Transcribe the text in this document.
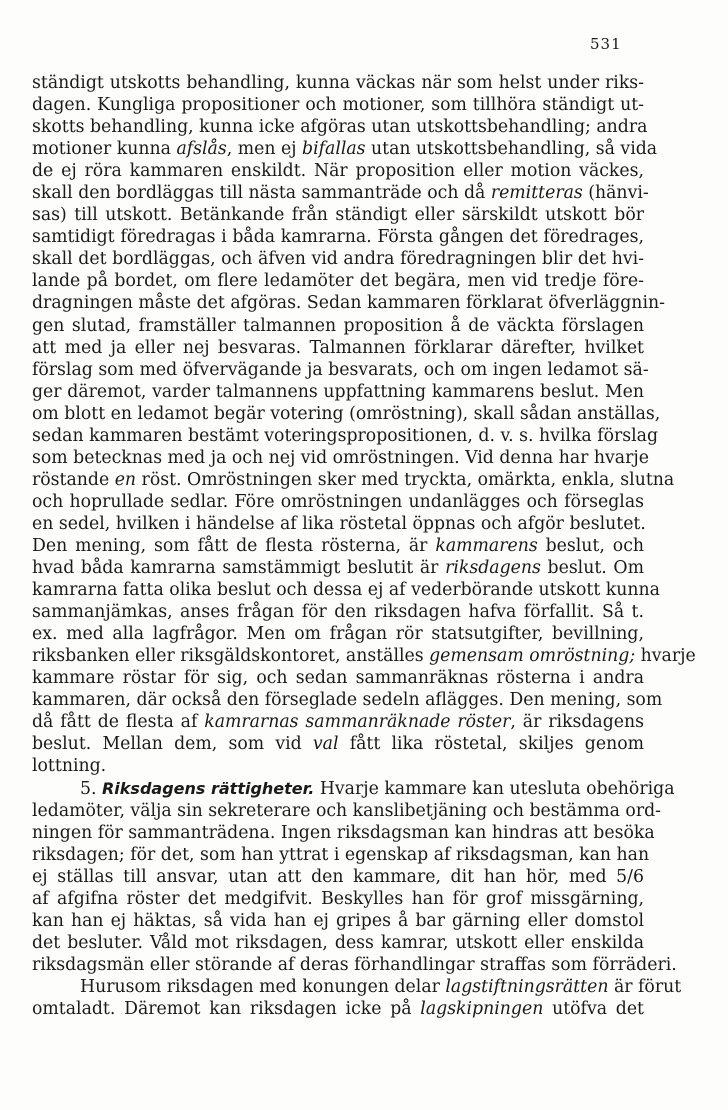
531

ständigt utskotts behandling, kunna väckas när som helst under riks-
dagen. Kungliga propositioner och motioner, som tillhöra ständigt ut-
skotts behandling, kunna icke afgöras utan utskottsbehandling; andra
motioner kunna afslås, men ej bifallas utan utskottsbehandling, så vida
de ej röra kammaren enskildt. När proposition eller motion väckes,
skall den bordläggas till nästa sammanträde och då remitteras (hänvi-
sas) till utskott. Betänkande från ständigt eller särskildt utskott bör
samtidigt föredragas i båda kamrarna. Första gången det föredrages,
skall det bordläggas, och äfven vid andra föredragningen blir det hvi-
lande på bordet, om flere ledamöter det begära, men vid tredje före-
dragningen måste det afgöras. Sedan kammaren förklarat öfverläggnin-
gen slutad, framställer talmannen proposition å de väckta förslagen
att med ja eller nej besvaras. Talmannen förklarar därefter, hvilket
förslag som med öfvervägande ja besvarats, och om ingen ledamot sä-
ger däremot, varder talmannens uppfattning kammarens beslut. Men
om blott en ledamot begär votering (omröstning), skall sådan anställas,
sedan kammaren bestämt voteringspropositionen, d. v. s. hvilka förslag
som betecknas med ja och nej vid omröstningen. Vid denna har hvarje
röstande en röst. Omröstningen sker med tryckta, omärkta, enkla, slutna
och hoprullade sedlar. Före omröstningen undanlägges och förseglas
en sedel, hvilken i händelse af lika röstetal öppnas och afgör beslutet.
Den mening, som fått de flesta rösterna, är kammarens beslut, och
hvad båda kamrarna samstämmigt beslutit är riksdagens beslut. Om
kamrarna fatta olika beslut och dessa ej af vederbörande utskott kunna
sammanjämkas, anses frågan för den riksdagen hafva förfallit. Så t.
ex. med alla lagfrågor. Men om frågan rör statsutgifter, bevillning,
riksbanken eller riksgäldskontoret, anställes gemensam omröstning; hvarje
kammare röstar för sig, och sedan sammanräknas rösterna i andra
kammaren, där också den förseglade sedeln aflägges. Den mening, som
då fått de flesta af kamrarnas sammanräknade röster, är riksdagens
beslut. Mellan dem, som vid val fått lika röstetal, skiljes genom
lottning.

5. Riksdagens rättigheter. Hvarje kammare kan utesluta obehöriga
ledamöter, välja sin sekreterare och kanslibetjäning och bestämma ord-
ningen för sammanträdena. Ingen riksdagsman kan hindras att besöka
riksdagen; för det, som han yttrat i egenskap af riksdagsman, kan han
ej ställas till ansvar, utan att den kammare, dit han hör, med 5/6
af afgifna röster det medgifvit. Beskylles han för grof missgärning,
kan han ej häktas, så vida han ej gripes å bar gärning eller domstol
det besluter. Våld mot riksdagen, dess kamrar, utskott eller enskilda
riksdagsmän eller störande af deras förhandlingar straffas som förräderi.

Hurusom riksdagen med konungen delar lagstiftningsrätten är förut
omtaladt. Däremot kan riksdagen icke på lagskipningen utöfva det
